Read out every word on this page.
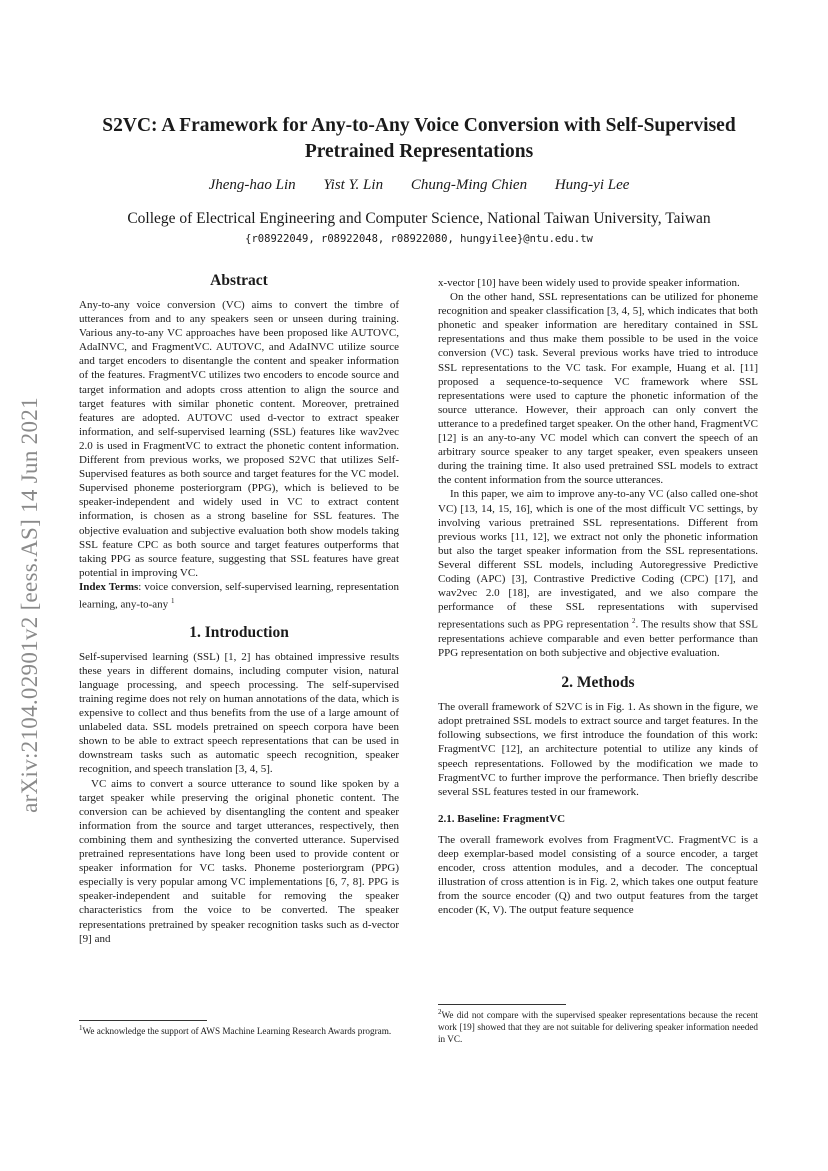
arXiv:2104.02901v2 [eess.AS] 14 Jun 2021
S2VC: A Framework for Any-to-Any Voice Conversion with Self-Supervised Pretrained Representations
Jheng-hao Lin Yist Y. Lin Chung-Ming Chien Hung-yi Lee
College of Electrical Engineering and Computer Science, National Taiwan University, Taiwan
{r08922049, r08922048, r08922080, hungyilee}@ntu.edu.tw
Abstract

Any-to-any voice conversion (VC) aims to convert the timbre of utterances from and to any speakers seen or unseen during training. Various any-to-any VC approaches have been proposed like AUTOVC, AdaINVC, and FragmentVC. AUTOVC, and AdaINVC utilize source and target encoders to disentangle the content and speaker information of the features. FragmentVC utilizes two encoders to encode source and target information and adopts cross attention to align the source and target features with similar phonetic content. Moreover, pretrained features are adopted. AUTOVC used d-vector to extract speaker information, and self-supervised learning (SSL) features like wav2vec 2.0 is used in FragmentVC to extract the phonetic content information. Different from previous works, we proposed S2VC that utilizes Self-Supervised features as both source and target features for the VC model. Supervised phoneme posteriorgram (PPG), which is believed to be speaker-independent and widely used in VC to extract content information, is chosen as a strong baseline for SSL features. The objective evaluation and subjective evaluation both show models taking SSL feature CPC as both source and target features outperforms that taking PPG as source feature, suggesting that SSL features have great potential in improving VC.

Index Terms: voice conversion, self-supervised learning, representation learning, any-to-any $^1$

1. Introduction

Self-supervised learning (SSL) [1, 2] has obtained impressive results these years in different domains, including computer vision, natural language processing, and speech processing. The self-supervised training regime does not rely on human annotations of the data, which is expensive to collect and thus benefits from the use of a large amount of unlabeled data. SSL models pretrained on speech corpora have been shown to be able to extract speech representations that can be used in downstream tasks such as automatic speech recognition, speaker recognition, and speech translation [3, 4, 5].

VC aims to convert a source utterance to sound like spoken by a target speaker while preserving the original phonetic content. The conversion can be achieved by disentangling the content and speaker information from the source and target utterances, respectively, then combining them and synthesizing the converted utterance. Supervised pretrained representations have long been used to provide content or speaker information for VC tasks. Phoneme posteriorgram (PPG) especially is very popular among VC implementations [6, 7, 8]. PPG is speaker-independent and suitable for removing the speaker characteristics from the voice to be converted. The speaker representations pretrained by speaker recognition tasks such as d-vector [9] and

$^1$We acknowledge the support of AWS Machine Learning Research Awards program.

x-vector [10] have been widely used to provide speaker information.

On the other hand, SSL representations can be utilized for phoneme recognition and speaker classification [3, 4, 5], which indicates that both phonetic and speaker information are hereditary contained in SSL representations and thus make them possible to be used in the voice conversion (VC) task. Several previous works have tried to introduce SSL representations to the VC task. For example, Huang et al. [11] proposed a sequence-to-sequence VC framework where SSL representations were used to capture the phonetic information of the source utterance. However, their approach can only convert the utterance to a predefined target speaker. On the other hand, FragmentVC [12] is an any-to-any VC model which can convert the speech of an arbitrary source speaker to any target speaker, even speakers unseen during the training time. It also used pretrained SSL models to extract the content information from the source utterances.

In this paper, we aim to improve any-to-any VC (also called one-shot VC) [13, 14, 15, 16], which is one of the most difficult VC settings, by involving various pretrained SSL representations. Different from previous works [11, 12], we extract not only the phonetic information but also the target speaker information from the SSL representations. Several different SSL models, including Autoregressive Predictive Coding (APC) [3], Contrastive Predictive Coding (CPC) [17], and wav2vec 2.0 [18], are investigated, and we also compare the performance of these SSL representations with supervised representations such as PPG representation $^2$. The results show that SSL representations achieve comparable and even better performance than PPG representation on both subjective and objective evaluation.

2. Methods

The overall framework of S2VC is in Fig. 1. As shown in the figure, we adopt pretrained SSL models to extract source and target features. In the following subsections, we first introduce the foundation of this work: FragmentVC [12], an architecture potential to utilize any kinds of speech representations. Followed by the modification we made to FragmentVC to further improve the performance. Then briefly describe several SSL features tested in our framework.

2.1. Baseline: FragmentVC

The overall framework evolves from FragmentVC. FragmentVC is a deep exemplar-based model consisting of a source encoder, a target encoder, cross attention modules, and a decoder. The conceptual illustration of cross attention is in Fig. 2, which takes one output feature from the source encoder (Q) and two output features from the target encoder (K, V). The output feature sequence

$^2$We did not compare with the supervised speaker representations because the recent work [19] showed that they are not suitable for delivering speaker information needed in VC.
